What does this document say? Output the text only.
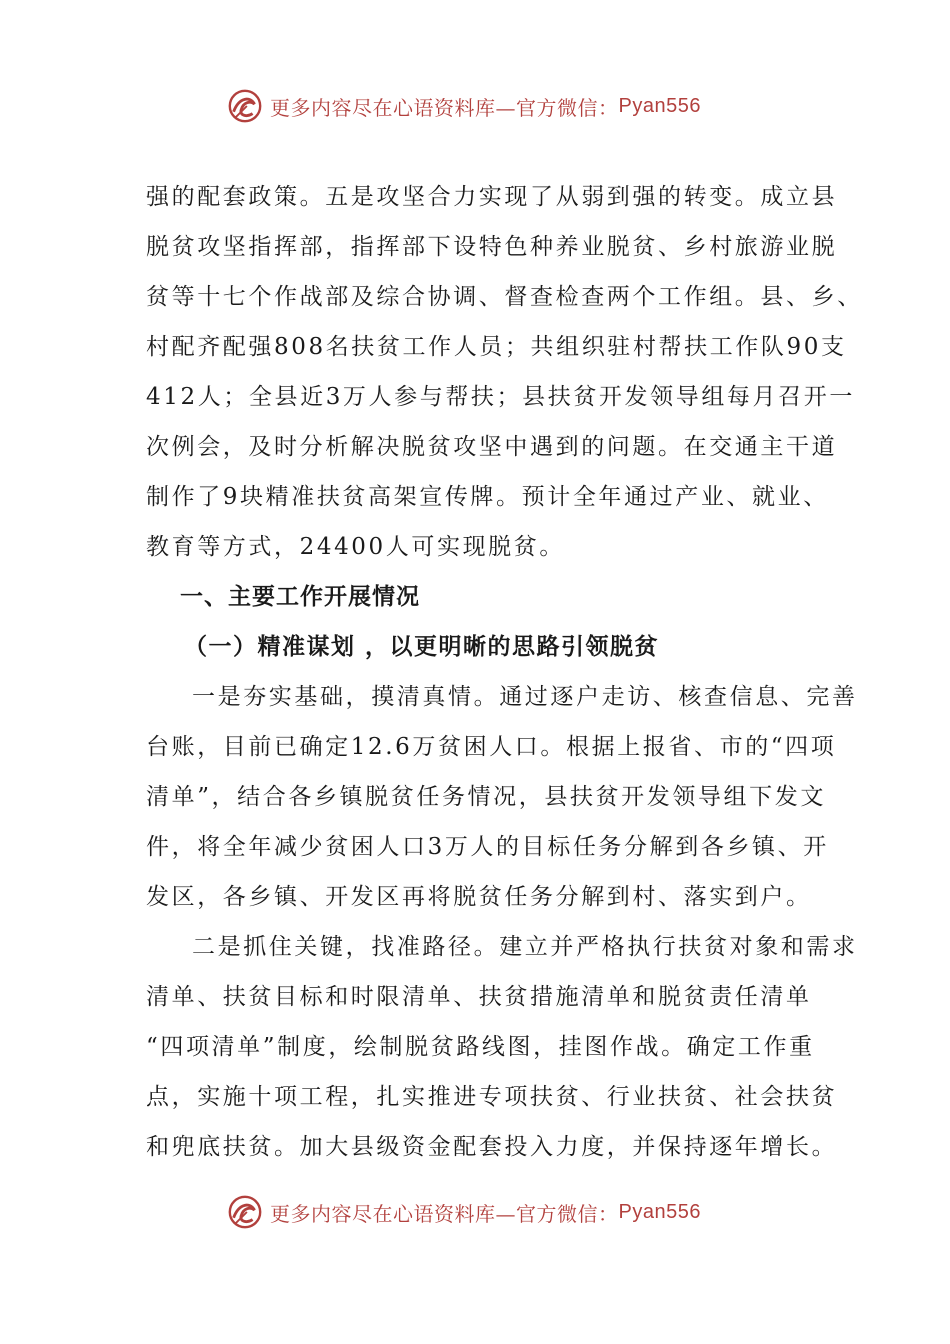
更多内容尽在心语资料库—官方微信： Pyan556
强的配套政策。五是攻坚合力实现了从弱到强的转变。成立县
脱贫攻坚指挥部，指挥部下设特色种养业脱贫、乡村旅游业脱
贫等十七个作战部及综合协调、督查检查两个工作组。县、乡、
村配齐配强808名扶贫工作人员；共组织驻村帮扶工作队90支
412人；全县近3万人参与帮扶；县扶贫开发领导组每月召开一
次例会，及时分析解决脱贫攻坚中遇到的问题。在交通主干道
制作了9块精准扶贫高架宣传牌。预计全年通过产业、就业、
教育等方式，24400人可实现脱贫。
一、主要工作开展情况
（一）精准谋划 ，以更明晰的思路引领脱贫
一是夯实基础，摸清真情。通过逐户走访、核查信息、完善
台账，目前已确定12.6万贫困人口。根据上报省、市的“四项
清单”，结合各乡镇脱贫任务情况，县扶贫开发领导组下发文
件，将全年减少贫困人口3万人的目标任务分解到各乡镇、开
发区，各乡镇、开发区再将脱贫任务分解到村、落实到户。
二是抓住关键，找准路径。建立并严格执行扶贫对象和需求
清单、扶贫目标和时限清单、扶贫措施清单和脱贫责任清单
“四项清单”制度，绘制脱贫路线图，挂图作战。确定工作重
点，实施十项工程，扎实推进专项扶贫、行业扶贫、社会扶贫
和兜底扶贫。加大县级资金配套投入力度，并保持逐年增长。
更多内容尽在心语资料库—官方微信： Pyan556
